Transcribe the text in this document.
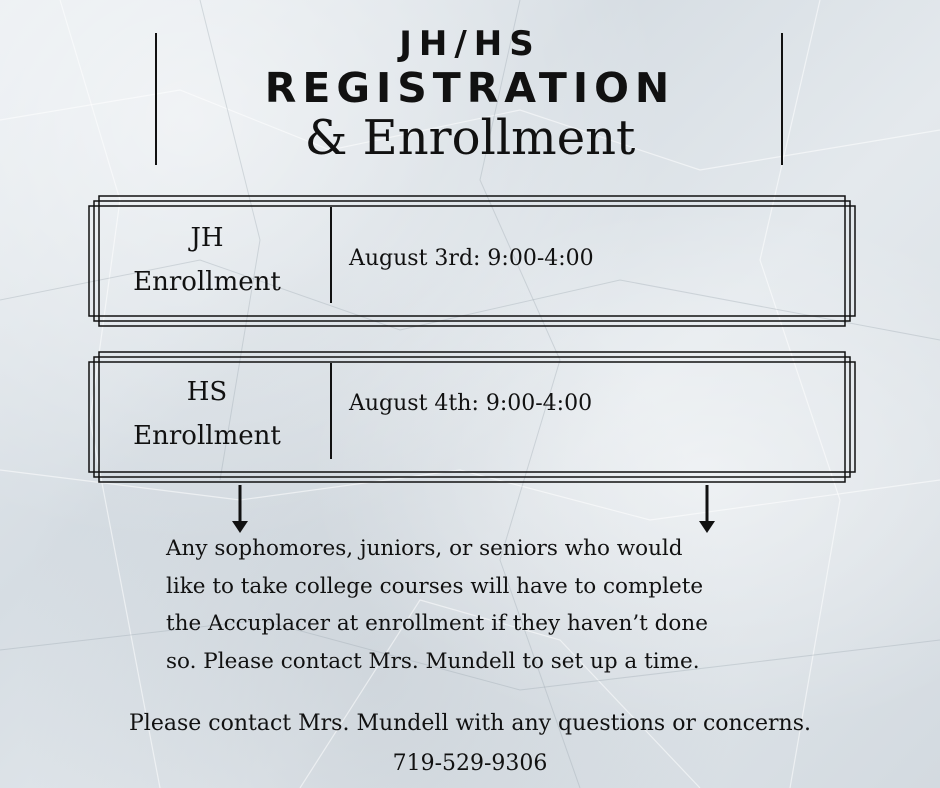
JH/HS
REGISTRATION
& Enrollment
JH
Enrollment
August 3rd: 9:00-4:00
HS
Enrollment
August 4th: 9:00-4:00
Any sophomores, juniors, or seniors who would
like to take college courses will have to complete
the Accuplacer at enrollment if they haven’t done
so. Please contact Mrs. Mundell to set up a time.
Please contact Mrs. Mundell with any questions or concerns.
719-529-9306
